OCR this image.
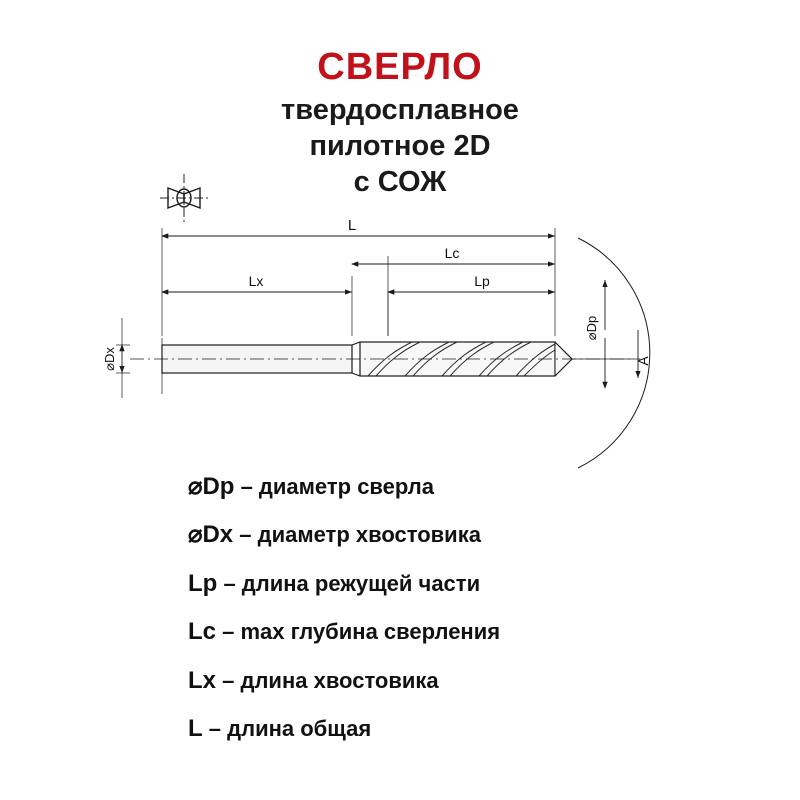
СВЕРЛО
твердосплавное
пилотное 2D
с СОЖ
L
Lc
Lx	Lp
⌀Dx
⌀Dp
A
⌀Dp – диаметр сверла
⌀Dx – диаметр хвостовика
Lp – длина режущей части
Lc – max глубина сверления
Lx – длина хвостовика
L – длина общая
